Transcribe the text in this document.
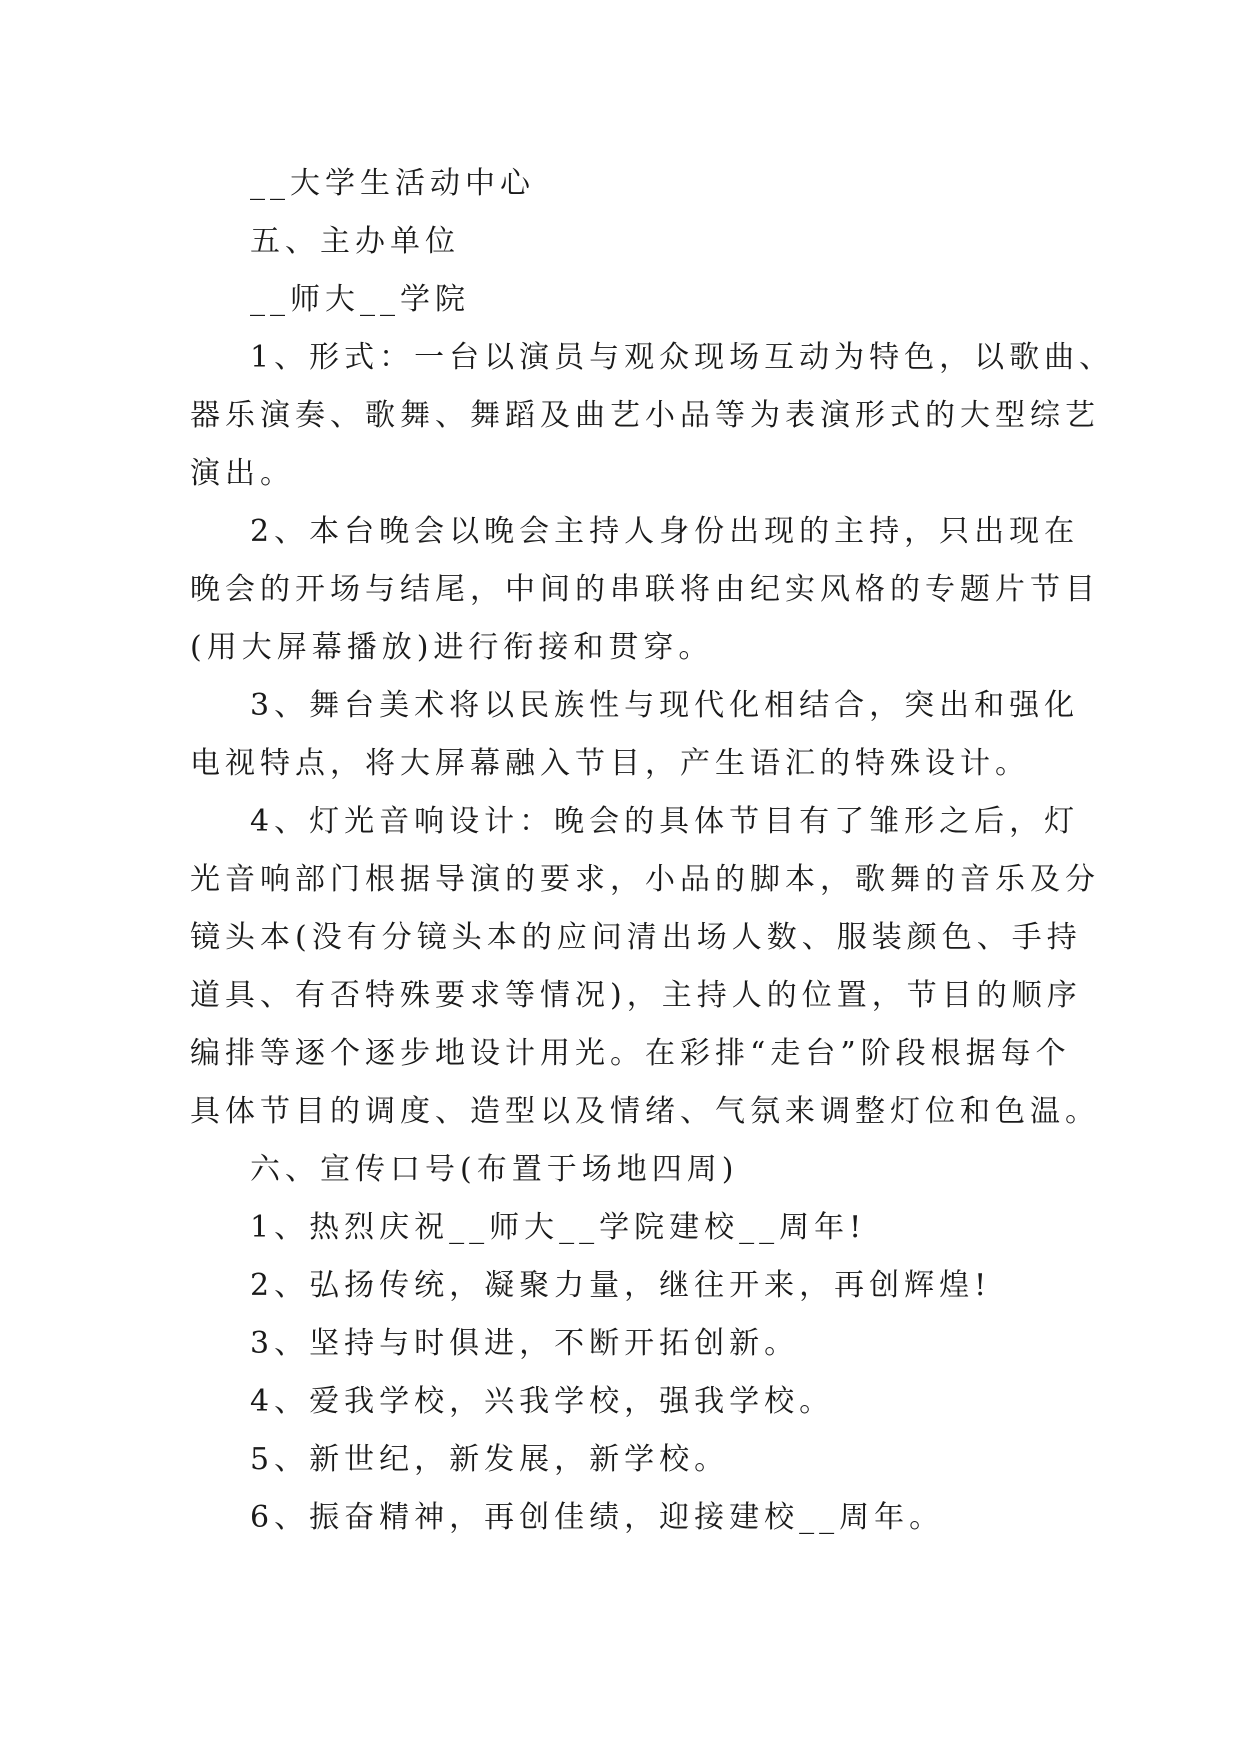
__大学生活动中心

五、主办单位

__师大__学院

1、形式：一台以演员与观众现场互动为特色，以歌曲、

器乐演奏、歌舞、舞蹈及曲艺小品等为表演形式的大型综艺

演出。

2、本台晚会以晚会主持人身份出现的主持，只出现在

晚会的开场与结尾，中间的串联将由纪实风格的专题片节目

(用大屏幕播放)进行衔接和贯穿。

3、舞台美术将以民族性与现代化相结合，突出和强化

电视特点，将大屏幕融入节目，产生语汇的特殊设计。

4、灯光音响设计：晚会的具体节目有了雏形之后，灯

光音响部门根据导演的要求，小品的脚本，歌舞的音乐及分

镜头本(没有分镜头本的应问清出场人数、服装颜色、手持

道具、有否特殊要求等情况)，主持人的位置，节目的顺序

编排等逐个逐步地设计用光。在彩排“走台”阶段根据每个

具体节目的调度、造型以及情绪、气氛来调整灯位和色温。

六、宣传口号(布置于场地四周)

1、热烈庆祝__师大__学院建校__周年!

2、弘扬传统，凝聚力量，继往开来，再创辉煌!

3、坚持与时俱进，不断开拓创新。

4、爱我学校，兴我学校，强我学校。

5、新世纪，新发展，新学校。

6、振奋精神，再创佳绩，迎接建校__周年。
